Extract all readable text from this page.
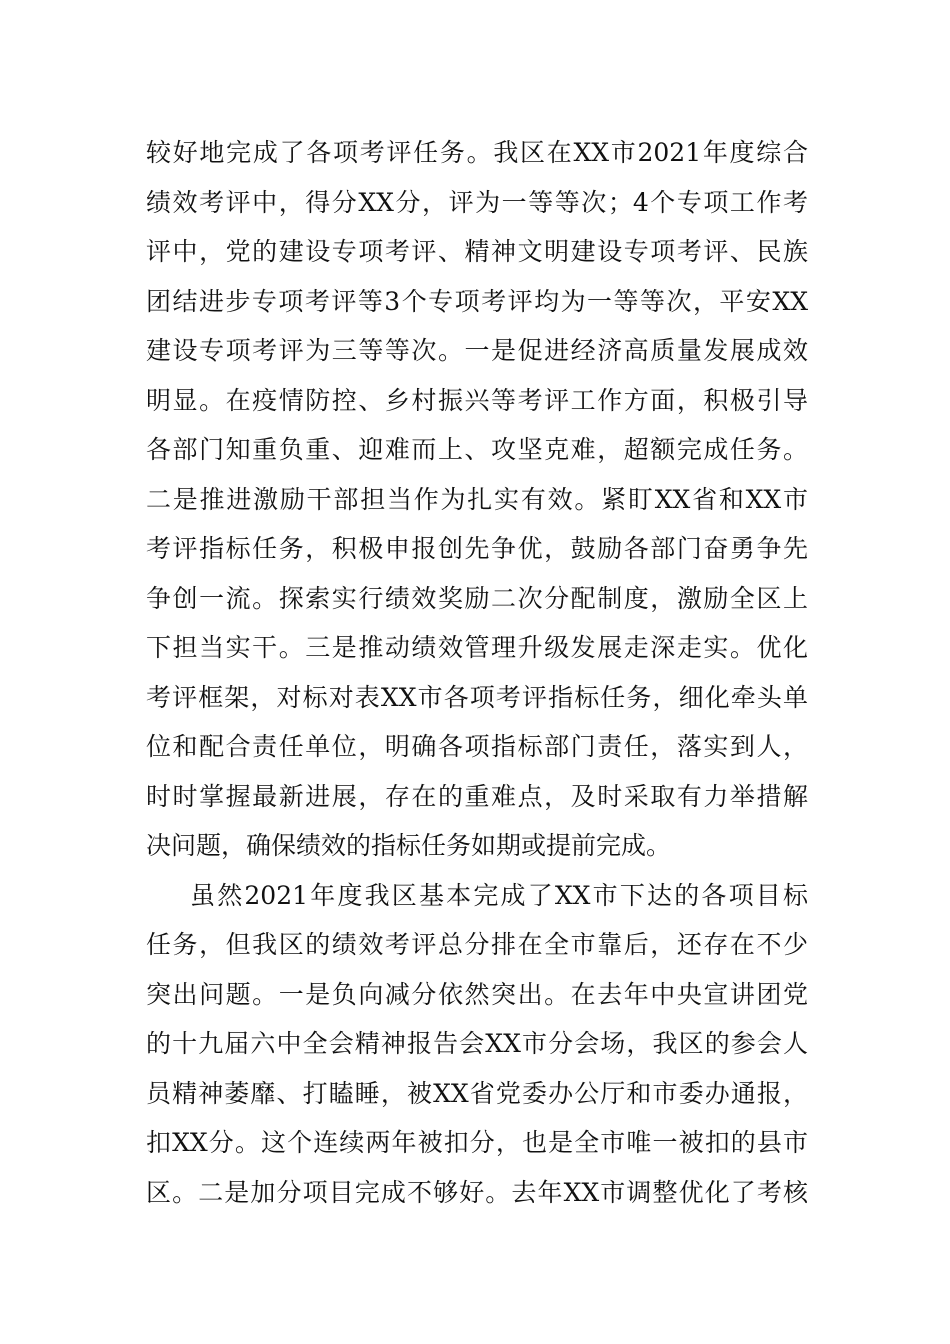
较好地完成了各项考评任务。我区在XX市2021年度综合
绩效考评中，得分XX分，评为一等等次；4个专项工作考
评中，党的建设专项考评、精神文明建设专项考评、民族
团结进步专项考评等3个专项考评均为一等等次，平安XX
建设专项考评为三等等次。一是促进经济高质量发展成效
明显。在疫情防控、乡村振兴等考评工作方面，积极引导
各部门知重负重、迎难而上、攻坚克难，超额完成任务。
二是推进激励干部担当作为扎实有效。紧盯XX省和XX市
考评指标任务，积极申报创先争优，鼓励各部门奋勇争先
争创一流。探索实行绩效奖励二次分配制度，激励全区上
下担当实干。三是推动绩效管理升级发展走深走实。优化
考评框架，对标对表XX市各项考评指标任务，细化牵头单
位和配合责任单位，明确各项指标部门责任，落实到人，
时时掌握最新进展，存在的重难点，及时采取有力举措解
决问题，确保绩效的指标任务如期或提前完成。
虽然2021年度我区基本完成了XX市下达的各项目标
任务，但我区的绩效考评总分排在全市靠后，还存在不少
突出问题。一是负向减分依然突出。在去年中央宣讲团党
的十九届六中全会精神报告会XX市分会场，我区的参会人
员精神萎靡、打瞌睡，被XX省党委办公厅和市委办通报，
扣XX分。这个连续两年被扣分，也是全市唯一被扣的县市
区。二是加分项目完成不够好。去年XX市调整优化了考核
